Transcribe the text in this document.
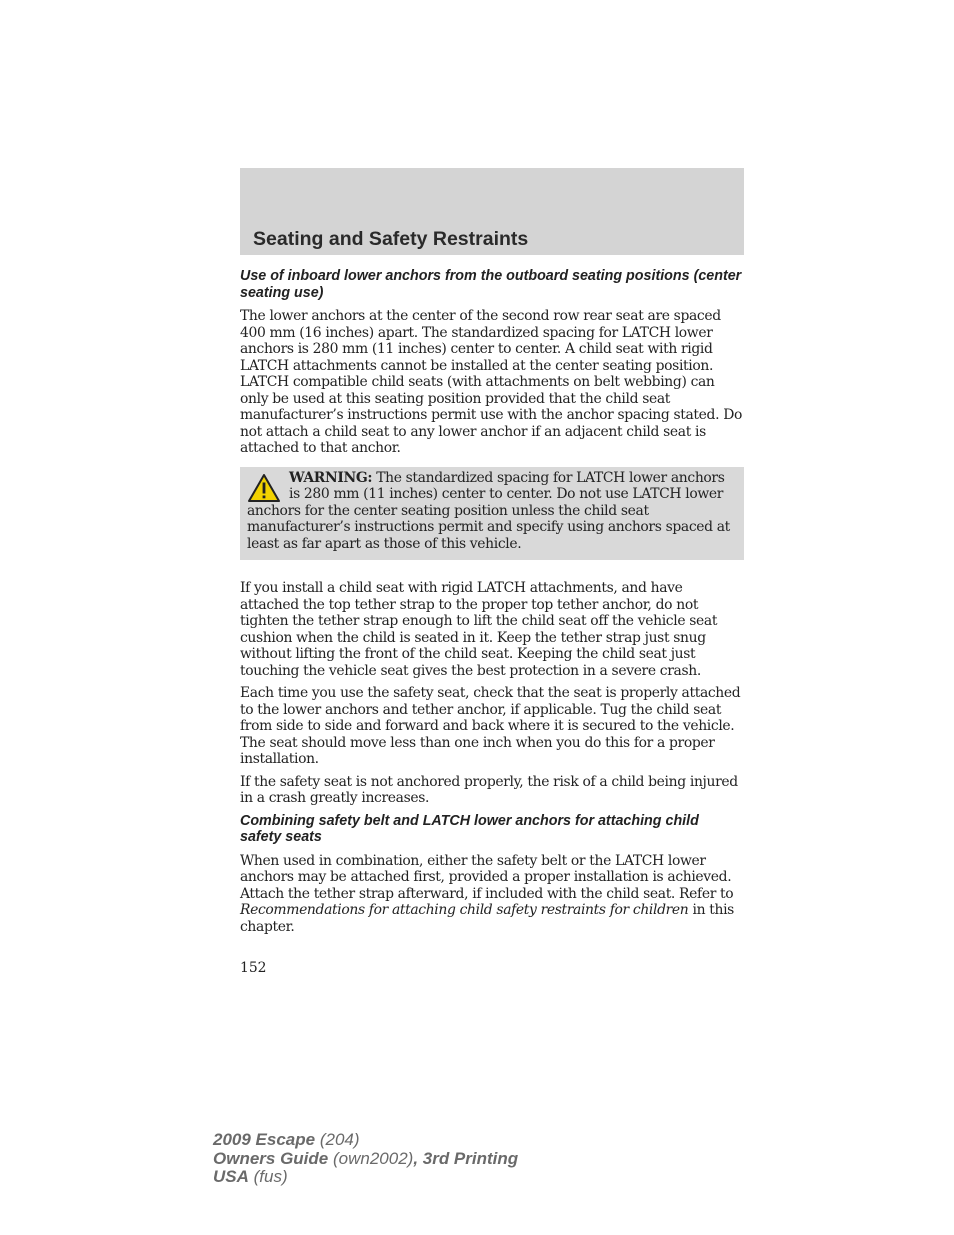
Seating and Safety Restraints
Use of inboard lower anchors from the outboard seating positions (center seating use)

The lower anchors at the center of the second row rear seat are spaced 400 mm (16 inches) apart. The standardized spacing for LATCH lower anchors is 280 mm (11 inches) center to center. A child seat with rigid LATCH attachments cannot be installed at the center seating position. LATCH compatible child seats (with attachments on belt webbing) can only be used at this seating position provided that the child seat manufacturer’s instructions permit use with the anchor spacing stated. Do not attach a child seat to any lower anchor if an adjacent child seat is attached to that anchor.

WARNING: The standardized spacing for LATCH lower anchors is 280 mm (11 inches) center to center. Do not use LATCH lower anchors for the center seating position unless the child seat manufacturer’s instructions permit and specify using anchors spaced at least as far apart as those of this vehicle.

If you install a child seat with rigid LATCH attachments, and have attached the top tether strap to the proper top tether anchor, do not tighten the tether strap enough to lift the child seat off the vehicle seat cushion when the child is seated in it. Keep the tether strap just snug without lifting the front of the child seat. Keeping the child seat just touching the vehicle seat gives the best protection in a severe crash.

Each time you use the safety seat, check that the seat is properly attached to the lower anchors and tether anchor, if applicable. Tug the child seat from side to side and forward and back where it is secured to the vehicle. The seat should move less than one inch when you do this for a proper installation.

If the safety seat is not anchored properly, the risk of a child being injured in a crash greatly increases.

Combining safety belt and LATCH lower anchors for attaching child safety seats

When used in combination, either the safety belt or the LATCH lower anchors may be attached first, provided a proper installation is achieved. Attach the tether strap afterward, if included with the child seat. Refer to Recommendations for attaching child safety restraints for children in this chapter.

152
2009 Escape (204)
Owners Guide (own2002), 3rd Printing
USA (fus)
